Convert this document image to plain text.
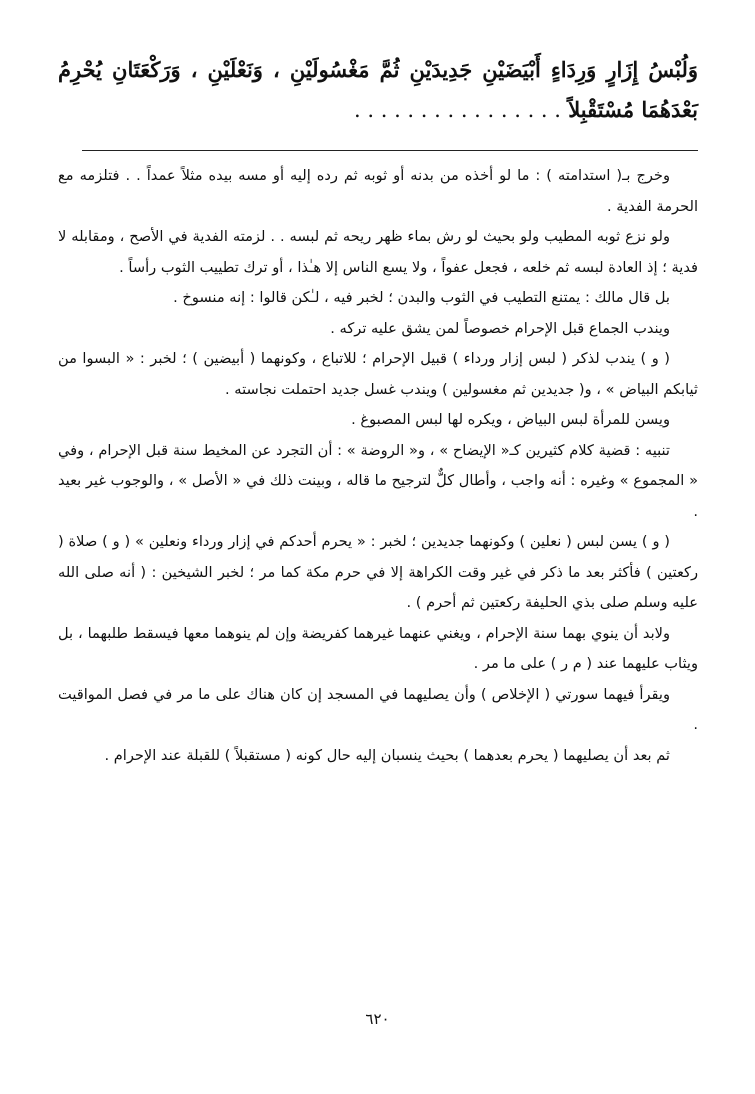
وَلُبْسُ إِزَارٍ وَرِدَاءٍ أَبْيَضَيْنِ جَدِيدَيْنِ ثُمَّ مَغْسُولَيْنِ ، وَنَعْلَيْنِ ، وَرَكْعَتَانِ يُحْرِمُ بَعْدَهُمَا مُسْتَقْبِلاً . . . . . . . . . . . . . . . .

وخرج بـ( استدامته ) : ما لو أخذه من بدنه أو ثوبه ثم رده إليه أو مسه بيده مثلاً عمداً . . فتلزمه مع الحرمة الفدية .

ولو نزع ثوبه المطيب ولو بحيث لو رش بماء ظهر ريحه ثم لبسه . . لزمته الفدية في الأصح ، ومقابله لا فدية ؛ إذ العادة لبسه ثم خلعه ، فجعل عفواً ، ولا يسع الناس إلا هـٰذا ، أو ترك تطييب الثوب رأساً .

بل قال مالك : يمتنع التطيب في الثوب والبدن ؛ لخبر فيه ، لـٰكن قالوا : إنه منسوخ .

ويندب الجماع قبل الإحرام خصوصاً لمن يشق عليه تركه .

( و ) يندب لذكر ( لبس إزار ورداء ) قبيل الإحرام ؛ للاتباع ، وكونهما ( أبيضين ) ؛ لخبر : « البسوا من ثيابكم البياض » ، و( جديدين ثم مغسولين ) ويندب غسل جديد احتملت نجاسته .

ويسن للمرأة لبس البياض ، ويكره لها لبس المصبوغ .

تنبيه : قضية كلام كثيرين كـ« الإيضاح » ، و« الروضة » : أن التجرد عن المخيط سنة قبل الإحرام ، وفي « المجموع » وغيره : أنه واجب ، وأطال كلٌّ لترجيح ما قاله ، وبينت ذلك في « الأصل » ، والوجوب غير بعيد .

( و ) يسن لبس ( نعلين ) وكونهما جديدين ؛ لخبر : « يحرم أحدكم في إزار ورداء ونعلين » ( و ) صلاة ( ركعتين ) فأكثر بعد ما ذكر في غير وقت الكراهة إلا في حرم مكة كما مر ؛ لخبر الشيخين : ( أنه صلى الله عليه وسلم صلى بذي الحليفة ركعتين ثم أحرم ) .

ولابد أن ينوي بهما سنة الإحرام ، ويغني عنهما غيرهما كفريضة وإن لم ينوهما معها فيسقط طلبهما ، بل ويثاب عليهما عند ( م ر ) على ما مر .

ويقرأ فيهما سورتي ( الإخلاص ) وأن يصليهما في المسجد إن كان هناك على ما مر في فصل المواقيت .

ثم بعد أن يصليهما ( يحرم بعدهما ) بحيث ينسبان إليه حال كونه ( مستقبلاً ) للقبلة عند الإحرام .

٦٢٠
